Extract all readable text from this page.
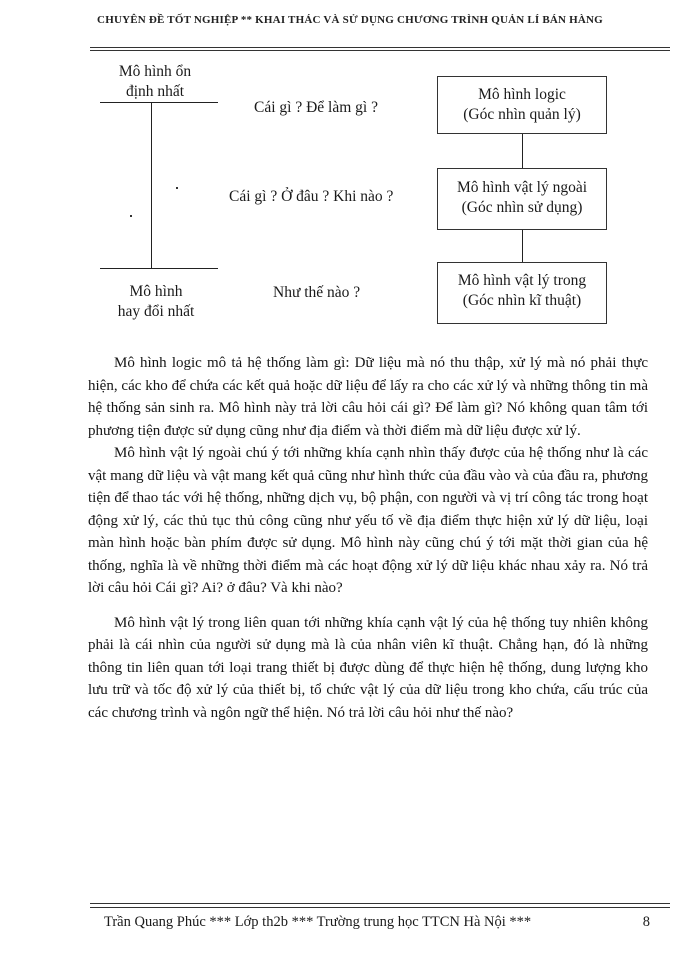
CHUYÊN ĐỀ TỐT NGHIỆP ** KHAI THÁC VÀ SỬ DỤNG CHƯƠNG TRÌNH QUẢN LÍ BÁN HÀNG
Mô hình ổn
định nhất
Mô hình
hay đổi nhất
Cái gì ? Để làm gì ?
Cái gì ? Ở đâu ? Khi nào ?
Như thế nào ?
Mô hình logic
(Góc nhìn quản lý)
Mô hình vật lý ngoài
(Góc nhìn sử dụng)
Mô hình vật lý trong
(Góc nhìn kĩ thuật)

Mô hình logic mô tả hệ thống làm gì: Dữ liệu mà nó thu thập, xử lý mà nó phải thực hiện, các kho để chứa các kết quả hoặc dữ liệu để lấy ra cho các xử lý và những thông tin mà hệ thống sản sinh ra. Mô hình này trả lời câu hỏi cái gì? Để làm gì? Nó không quan tâm tới phương tiện được sử dụng cũng như địa điểm và thời điểm mà dữ liệu được xử lý.

Mô hình vật lý ngoài chú ý tới những khía cạnh nhìn thấy được của hệ thống như là các vật mang dữ liệu và vật mang kết quả cũng như hình thức của đầu vào và của đầu ra, phương tiện để thao tác với hệ thống, những dịch vụ, bộ phận, con người và vị trí công tác trong hoạt động xử lý, các thủ tục thủ công cũng như yếu tố về địa điểm thực hiện xử lý dữ liệu, loại màn hình hoặc bàn phím được sử dụng. Mô hình này cũng chú ý tới mặt thời gian của hệ thống, nghĩa là về những thời điểm mà các hoạt động xử lý dữ liệu khác nhau xảy ra. Nó trả lời câu hỏi Cái gì? Ai? ở đâu? Và khi nào?

Mô hình vật lý trong liên quan tới những khía cạnh vật lý của hệ thống tuy nhiên không phải là cái nhìn của người sử dụng mà là của nhân viên kĩ thuật. Chẳng hạn, đó là những thông tin liên quan tới loại trang thiết bị được dùng để thực hiện hệ thống, dung lượng kho lưu trữ và tốc độ xử lý của thiết bị, tổ chức vật lý của dữ liệu trong kho chứa, cấu trúc của các chương trình và ngôn ngữ thể hiện. Nó trả lời câu hỏi như thế nào?

Trần Quang Phúc *** Lớp th2b *** Trường trung học TTCN Hà Nội ***	8
